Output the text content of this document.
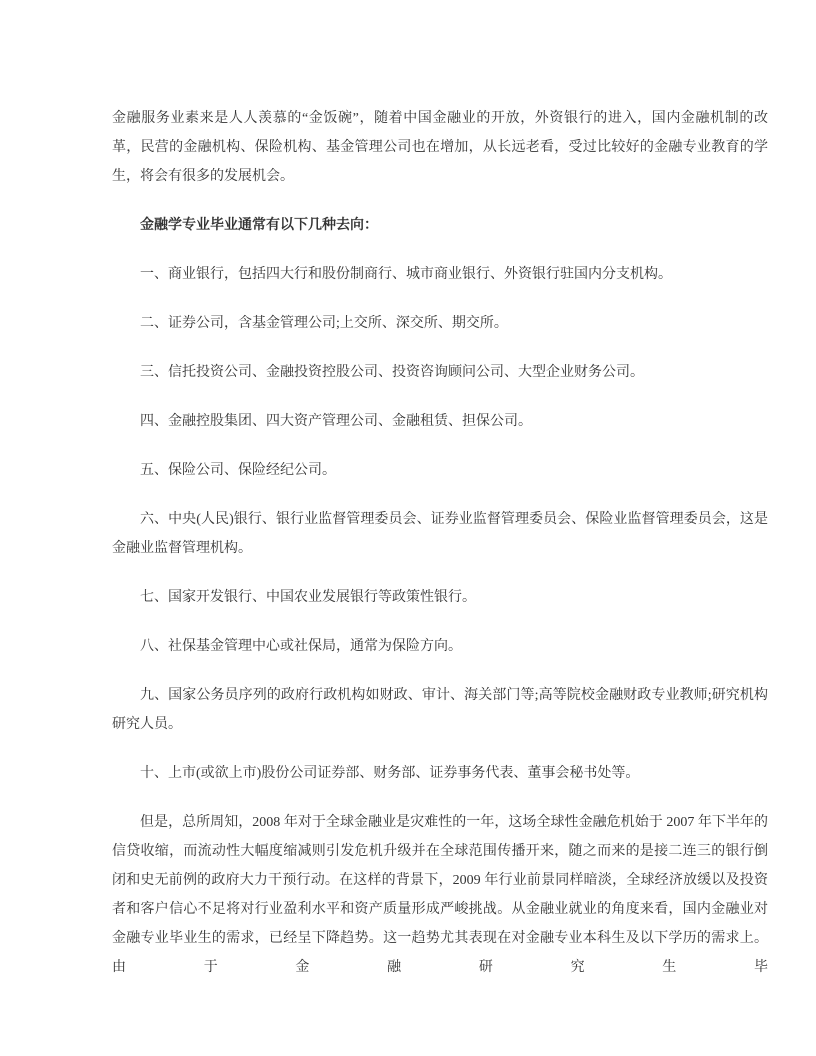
金融服务业素来是人人羡慕的“金饭碗”，随着中国金融业的开放，外资银行的进入，国内金融机制的改革，民营的金融机构、保险机构、基金管理公司也在增加，从长远老看，受过比较好的金融专业教育的学生，将会有很多的发展机会。

金融学专业毕业通常有以下几种去向：

一、商业银行，包括四大行和股份制商行、城市商业银行、外资银行驻国内分支机构。

二、证券公司，含基金管理公司;上交所、深交所、期交所。

三、信托投资公司、金融投资控股公司、投资咨询顾问公司、大型企业财务公司。

四、金融控股集团、四大资产管理公司、金融租赁、担保公司。

五、保险公司、保险经纪公司。

六、中央(人民)银行、银行业监督管理委员会、证券业监督管理委员会、保险业监督管理委员会，这是金融业监督管理机构。

七、国家开发银行、中国农业发展银行等政策性银行。

八、社保基金管理中心或社保局，通常为保险方向。

九、国家公务员序列的政府行政机构如财政、审计、海关部门等;高等院校金融财政专业教师;研究机构研究人员。

十、上市(或欲上市)股份公司证券部、财务部、证券事务代表、董事会秘书处等。

但是，总所周知，2008 年对于全球金融业是灾难性的一年，这场全球性金融危机始于 2007 年下半年的信贷收缩，而流动性大幅度缩减则引发危机升级并在全球范围传播开来，随之而来的是接二连三的银行倒闭和史无前例的政府大力干预行动。在这样的背景下，2009 年行业前景同样暗淡，全球经济放缓以及投资者和客户信心不足将对行业盈利水平和资产质量形成严峻挑战。从金融业就业的角度来看，国内金融业对金融专业毕业生的需求，已经呈下降趋势。这一趋势尤其表现在对金融专业本科生及以下学历的需求上。由于金融研究生毕
